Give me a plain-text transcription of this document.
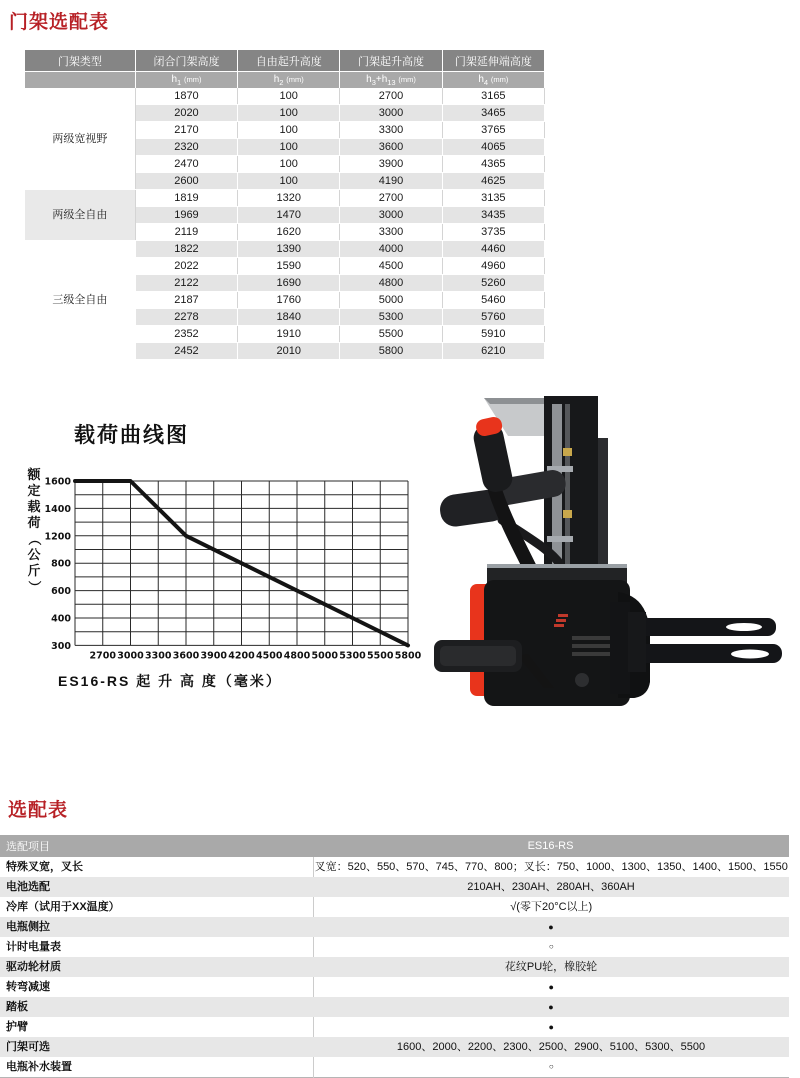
门架选配表
门架类型	闭合门架高度	自由起升高度	门架起升高度	门架延伸端高度
	$h_1$ (mm)	$h_2$ (mm)	$h_3+h_{13}$ (mm)	$h_4$ (mm)
两级宽视野	1870	100	2700	3165
	2020	100	3000	3465
	2170	100	3300	3765
	2320	100	3600	4065
	2470	100	3900	4365
	2600	100	4190	4625
两级全自由	1819	1320	2700	3135
	1969	1470	3000	3435
	2119	1620	3300	3735
三级全自由	1822	1390	4000	4460
	2022	1590	4500	4960
	2122	1690	4800	5260
	2187	1760	5000	5460
	2278	1840	5300	5760
	2352	1910	5500	5910
	2452	2010	5800	6210
载荷曲线图
额
定
载
荷
（
公
斤
）
1600
1400
1200
800
600
400
300
2700 3000 3300 3600 3900 4200 4500 4800 5000 5300 5500 5800
ES16-RS 起 升 高 度（毫米）
选配表
选配项目	ES16-RS
特殊叉宽，叉长	叉宽：520、550、570、745、770、800；叉长：750、1000、1300、1350、1400、1500、1550
电池选配	210AH、230AH、280AH、360AH
冷库（试用于XX温度）	√(零下20°C以上)
电瓶侧拉	●
计时电量表	○
驱动轮材质	花纹PU轮，橡胶轮
转弯减速	●
踏板	●
护臂	●
门架可选	1600、2000、2200、2300、2500、2900、5100、5300、5500
电瓶补水装置	○
